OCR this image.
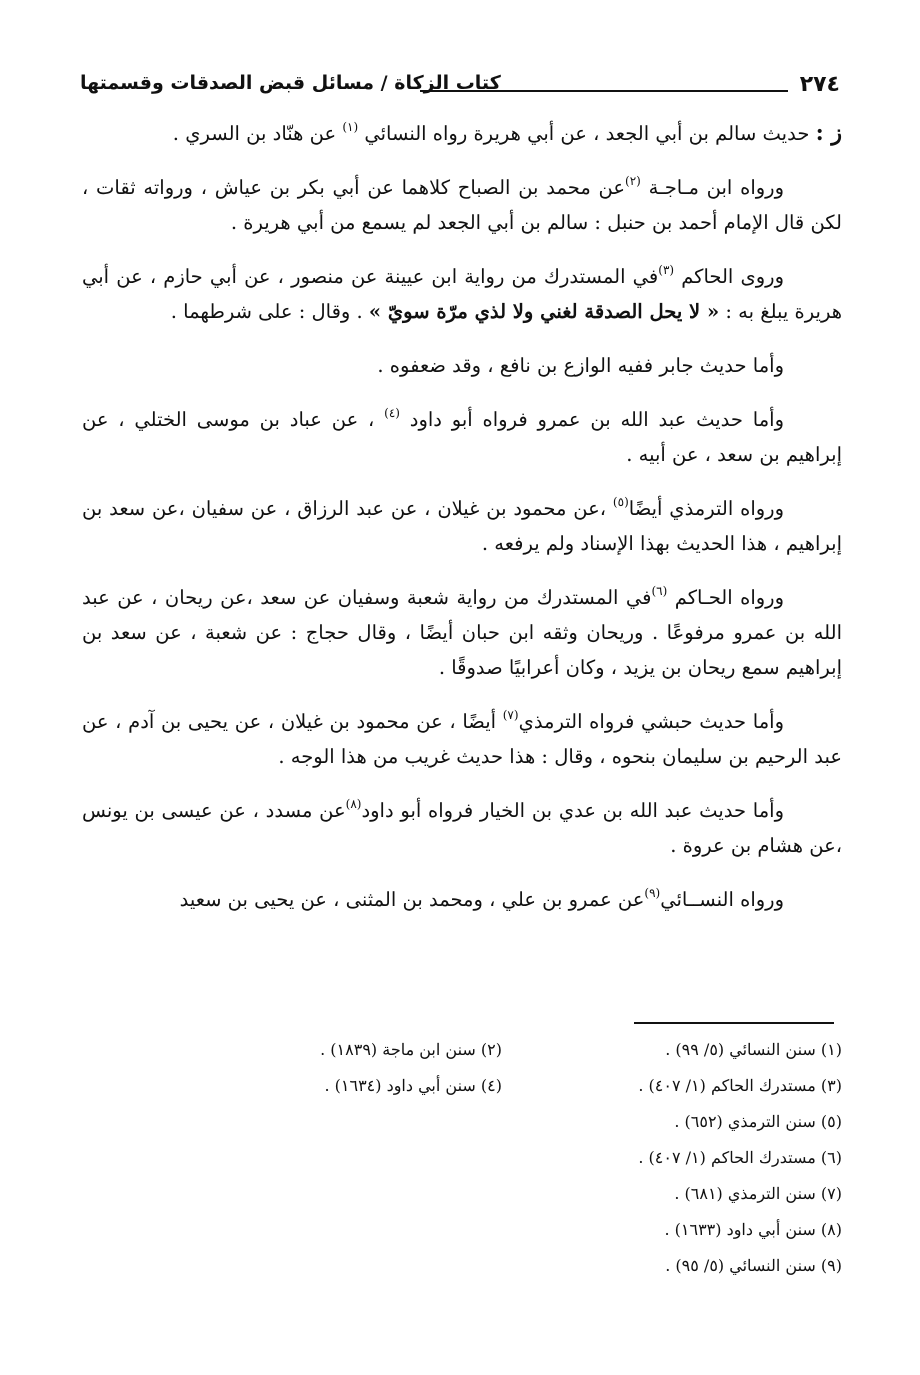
٢٧٤
كتاب الزكاة / مسائل قبض الصدقات وقسمتها

ز : حديث سالم بن أبي الجعد ، عن أبي هريرة رواه النسائي $^{(١)}$ عن هنّاد بن السري .

ورواه ابن مـاجـة $^{(٢)}$عن محمد بن الصباح كلاهما عن أبي بكر بن عياش ، ورواته ثقات ، لكن قال الإمام أحمد بن حنبل : سالم بن أبي الجعد لم يسمع من أبي هريرة .

وروى الحاكم $^{(٣)}$في المستدرك من رواية ابن عيينة عن منصور ، عن أبي حازم ، عن أبي هريرة يبلغ به : « لا يحل الصدقة لغني ولا لذي مرّة سويّ » . وقال : على شرطهما .

وأما حديث جابر ففيه الوازع بن نافع ، وقد ضعفوه .

وأما حديث عبد الله بن عمرو فرواه أبو داود $^{(٤)}$ ، عن عباد بن موسى الختلي ، عن إبراهيم بن سعد ، عن أبيه .

ورواه الترمذي أيضًا$^{(٥)}$ ،عن محمود بن غيلان ، عن عبد الرزاق ، عن سفيان ،عن سعد بن إبراهيم ، هذا الحديث بهذا الإسناد ولم يرفعه .

ورواه الحـاكم $^{(٦)}$في المستدرك من رواية شعبة وسفيان عن سعد ،عن ريحان ، عن عبد الله بن عمرو مرفوعًا . وريحان وثقه ابن حبان أيضًا ، وقال حجاج : عن شعبة ، عن سعد بن إبراهيم سمع ريحان بن يزيد ، وكان أعرابيًا صدوقًا .

وأما حديث حبشي فرواه الترمذي$^{(٧)}$ أيضًا ، عن محمود بن غيلان ، عن يحيى بن آدم ، عن عبد الرحيم بن سليمان بنحوه ، وقال : هذا حديث غريب من هذا الوجه .

وأما حديث عبد الله بن عدي بن الخيار فرواه أبو داود$^{(٨)}$عن مسدد ، عن عيسى بن يونس ،عن هشام بن عروة .

ورواه النســائي$^{(٩)}$عن عمرو بن علي ، ومحمد بن المثنى ، عن يحيى بن سعيد

(١) سنن النسائي (٥/ ٩٩) .
(٢) سنن ابن ماجة (١٨٣٩) .
(٣) مستدرك الحاكم (١/ ٤٠٧) .
(٤) سنن أبي داود (١٦٣٤) .
(٥) سنن الترمذي (٦٥٢) .
(٦) مستدرك الحاكم (١/ ٤٠٧) .
(٧) سنن الترمذي (٦٨١) .
(٨) سنن أبي داود (١٦٣٣) .
(٩) سنن النسائي (٥/ ٩٥) .
